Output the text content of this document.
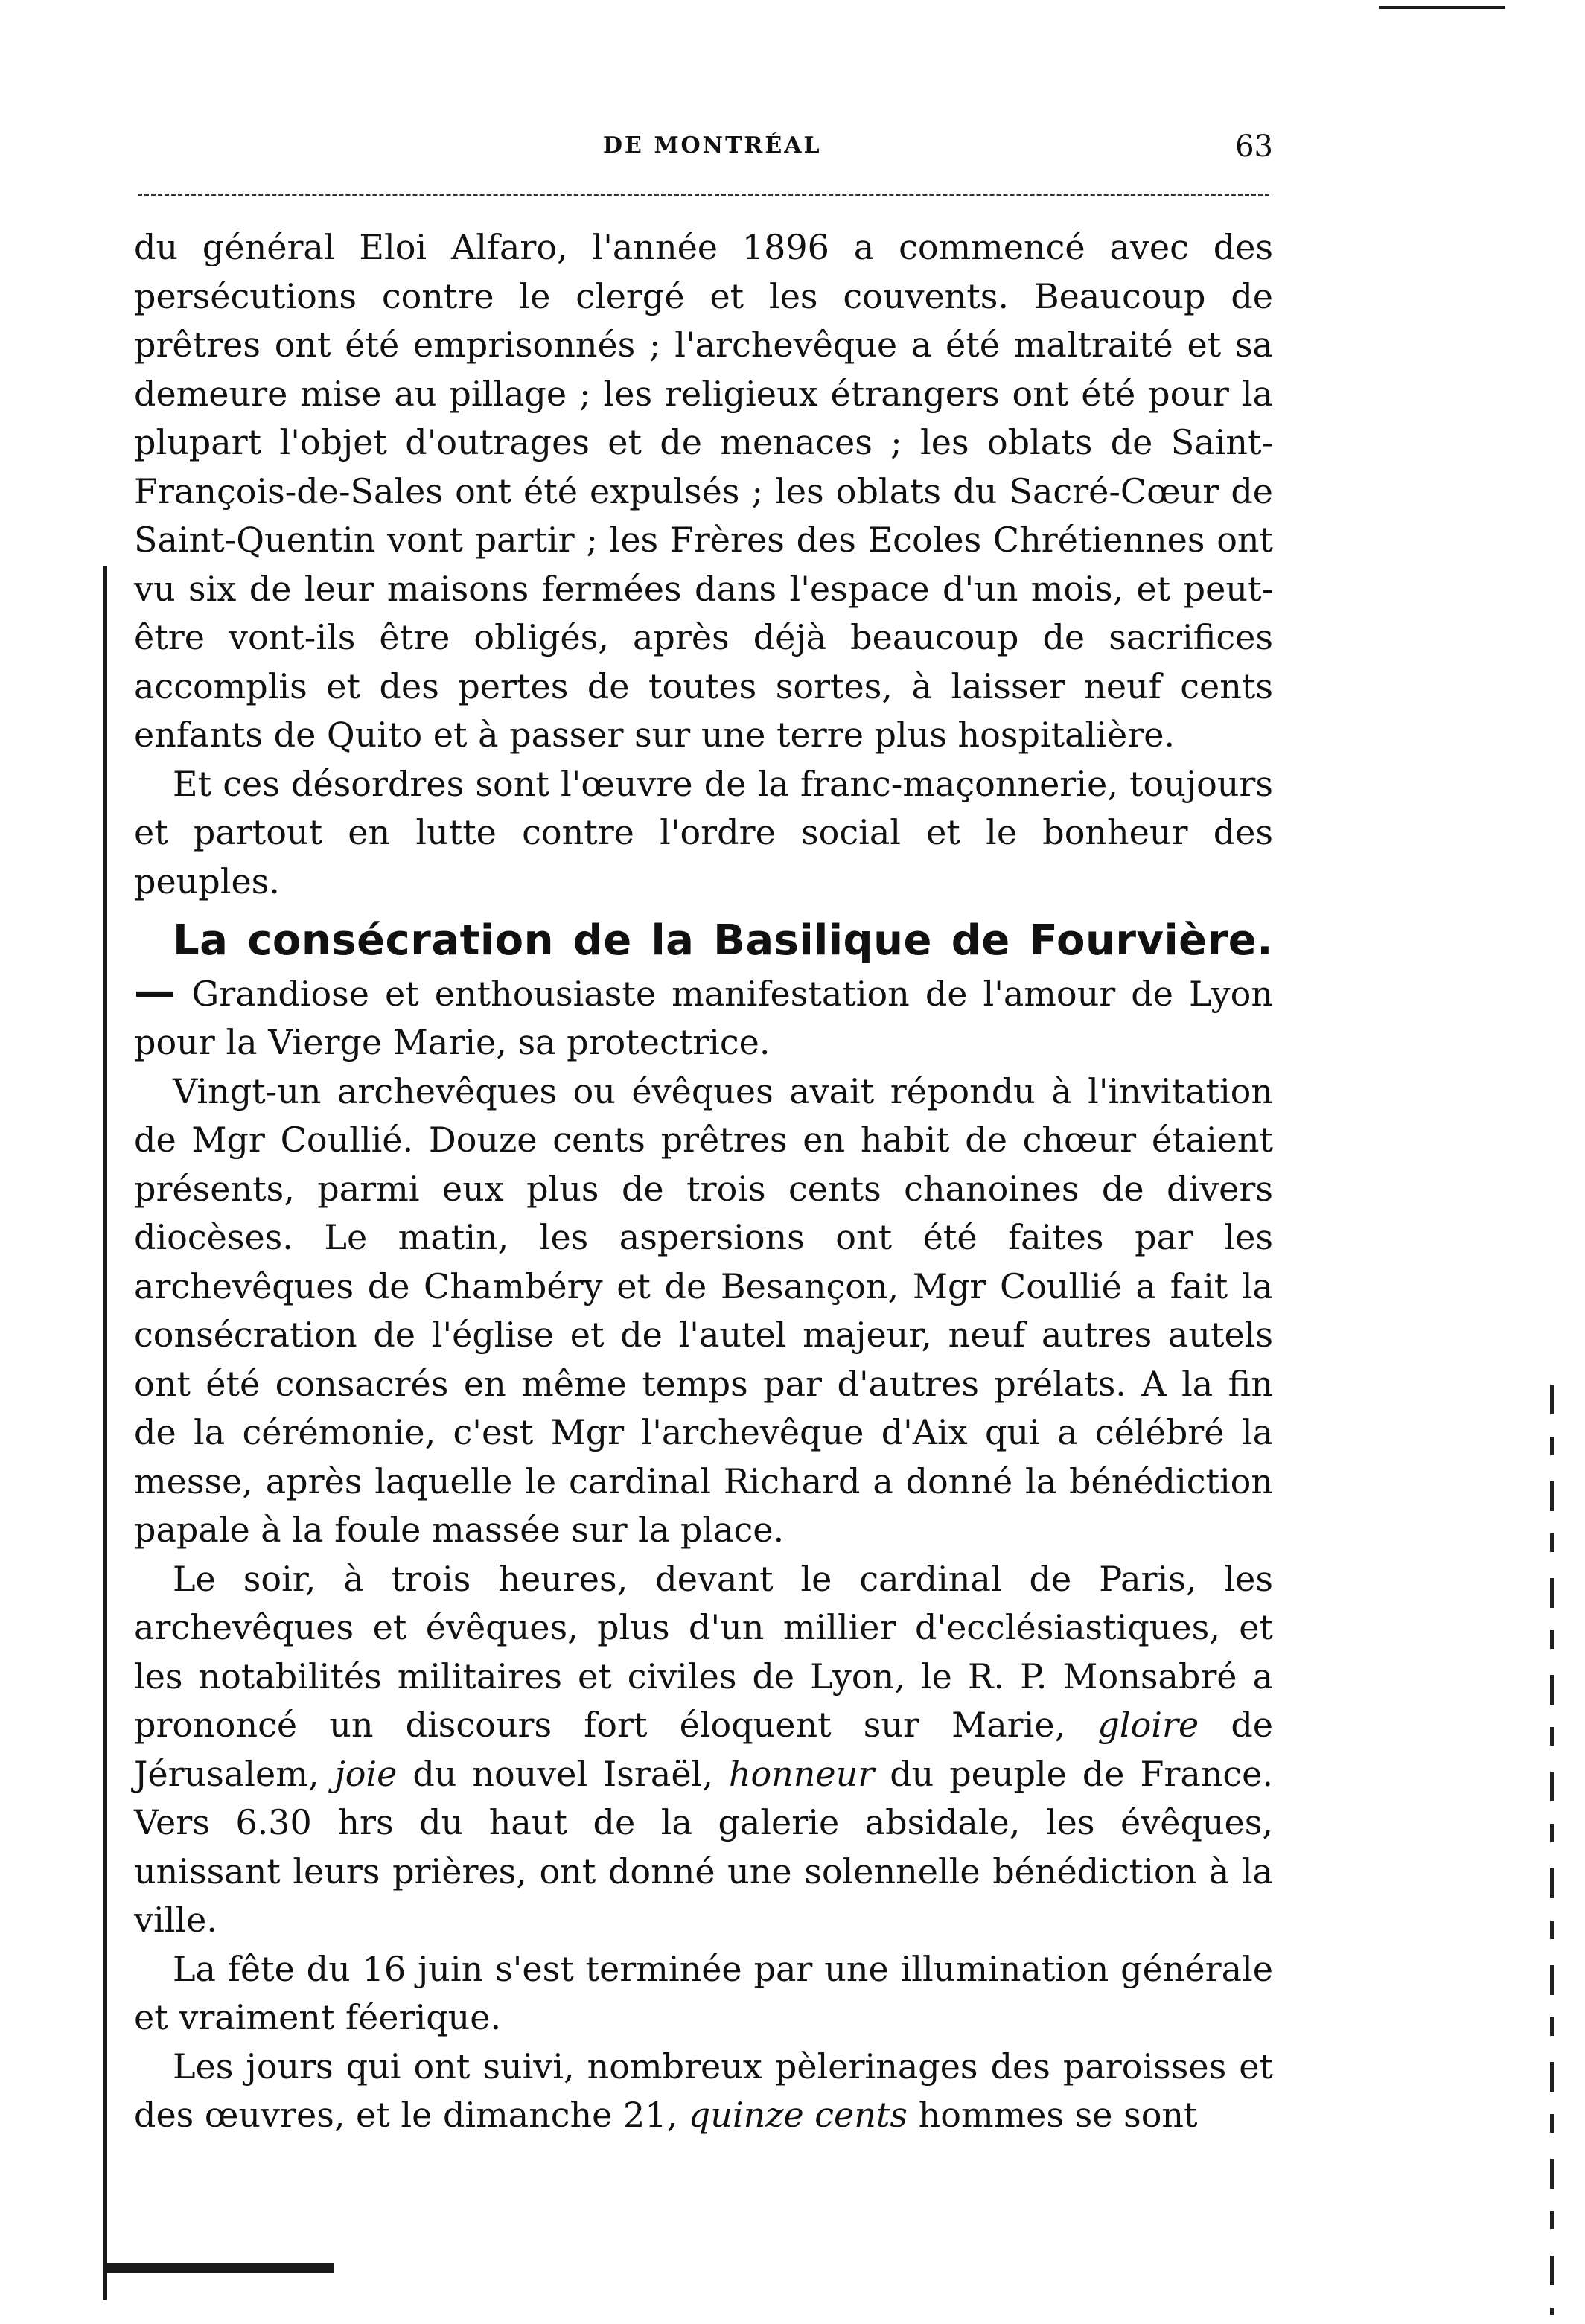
DE MONTRÉAL	63

du général Eloi Alfaro, l'année 1896 a commencé avec des persécutions contre le clergé et les couvents. Beaucoup de prêtres ont été emprisonnés ; l'archevêque a été maltraité et sa demeure mise au pillage ; les religieux étrangers ont été pour la plupart l'objet d'outrages et de menaces ; les oblats de Saint-François-de-Sales ont été expulsés ; les oblats du Sacré-Cœur de Saint-Quentin vont partir ; les Frères des Ecoles Chrétiennes ont vu six de leur maisons fermées dans l'espace d'un mois, et peut-être vont-ils être obligés, après déjà beaucoup de sacrifices accomplis et des pertes de toutes sortes, à laisser neuf cents enfants de Quito et à passer sur une terre plus hospitalière.

Et ces désordres sont l'œuvre de la franc-maçonnerie, toujours et partout en lutte contre l'ordre social et le bonheur des peuples.

La consécration de la Basilique de Fourvière. — Grandiose et enthousiaste manifestation de l'amour de Lyon pour la Vierge Marie, sa protectrice.

Vingt-un archevêques ou évêques avait répondu à l'invitation de Mgr Coullié. Douze cents prêtres en habit de chœur étaient présents, parmi eux plus de trois cents chanoines de divers diocèses. Le matin, les aspersions ont été faites par les archevêques de Chambéry et de Besançon, Mgr Coullié a fait la consécration de l'église et de l'autel majeur, neuf autres autels ont été consacrés en même temps par d'autres prélats. A la fin de la cérémonie, c'est Mgr l'archevêque d'Aix qui a célébré la messe, après laquelle le cardinal Richard a donné la bénédiction papale à la foule massée sur la place.

Le soir, à trois heures, devant le cardinal de Paris, les archevêques et évêques, plus d'un millier d'ecclésiastiques, et les notabilités militaires et civiles de Lyon, le R. P. Monsabré a prononcé un discours fort éloquent sur Marie, gloire de Jérusalem, joie du nouvel Israël, honneur du peuple de France. Vers 6.30 hrs du haut de la galerie absidale, les évêques, unissant leurs prières, ont donné une solennelle bénédiction à la ville.

La fête du 16 juin s'est terminée par une illumination générale et vraiment féerique.

Les jours qui ont suivi, nombreux pèlerinages des paroisses et des œuvres, et le dimanche 21, quinze cents hommes se sont
